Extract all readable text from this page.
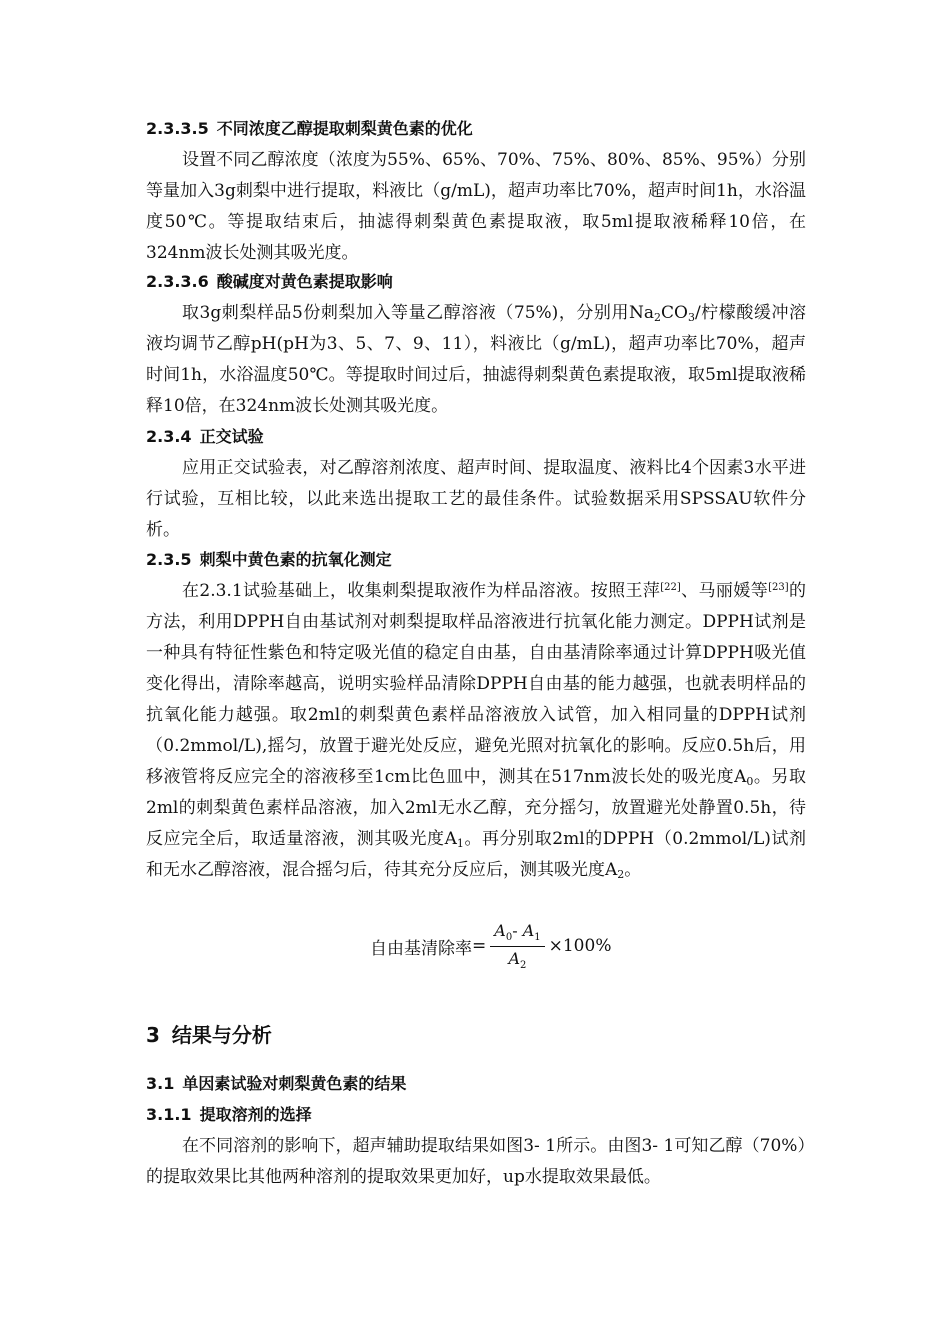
2.3.3.5 不同浓度乙醇提取刺梨黄色素的优化

设置不同乙醇浓度（浓度为55%、65%、70%、75%、80%、85%、95%）分别等量加入3g刺梨中进行提取，料液比（g/mL)，超声功率比70%，超声时间1h，水浴温度50℃。等提取结束后，抽滤得刺梨黄色素提取液，取5ml提取液稀释10倍，在324nm波长处测其吸光度。

2.3.3.6 酸碱度对黄色素提取影响

取3g刺梨样品5份刺梨加入等量乙醇溶液（75%)，分别用$Na_2CO_3/$柠檬酸缓冲溶液均调节乙醇pH(pH为3、5、7、9、11），料液比（g/mL)，超声功率比70%，超声时间1h，水浴温度50℃。等提取时间过后，抽滤得刺梨黄色素提取液，取5ml提取液稀释10倍，在324nm波长处测其吸光度。

2.3.4 正交试验

应用正交试验表，对乙醇溶剂浓度、超声时间、提取温度、液料比4个因素3水平进行试验，互相比较，以此来选出提取工艺的最佳条件。试验数据采用SPSSAU软件分析。

2.3.5 刺梨中黄色素的抗氧化测定

在2.3.1试验基础上，收集刺梨提取液作为样品溶液。按照王萍[22]、马丽媛等[23]的方法，利用DPPH自由基试剂对刺梨提取样品溶液进行抗氧化能力测定。DPPH试剂是一种具有特征性紫色和特定吸光值的稳定自由基，自由基清除率通过计算DPPH吸光值变化得出，清除率越高，说明实验样品清除DPPH自由基的能力越强，也就表明样品的抗氧化能力越强。取2ml的刺梨黄色素样品溶液放入试管，加入相同量的DPPH试剂（0.2mmol/L),摇匀，放置于避光处反应，避免光照对抗氧化的影响。反应0.5h后，用移液管将反应完全的溶液移至1cm比色皿中，测其在517nm波长处的吸光度$A_0$。另取2ml的刺梨黄色素样品溶液，加入2ml无水乙醇，充分摇匀，放置避光处静置0.5h，待反应完全后，取适量溶液，测其吸光度$A_1$。再分别取2ml的DPPH（0.2mmol/L)试剂和无水乙醇溶液，混合摇匀后，待其充分反应后，测其吸光度$A_2$。

自由基清除率 = $\frac{A_0- A_1}{A_2} \times 100\%$
3 结果与分析
3.1 单因素试验对刺梨黄色素的结果
3.1.1 提取溶剂的选择

在不同溶剂的影响下，超声辅助提取结果如图3- 1所示。由图3- 1可知乙醇（70%）的提取效果比其他两种溶剂的提取效果更加好，up水提取效果最低。
